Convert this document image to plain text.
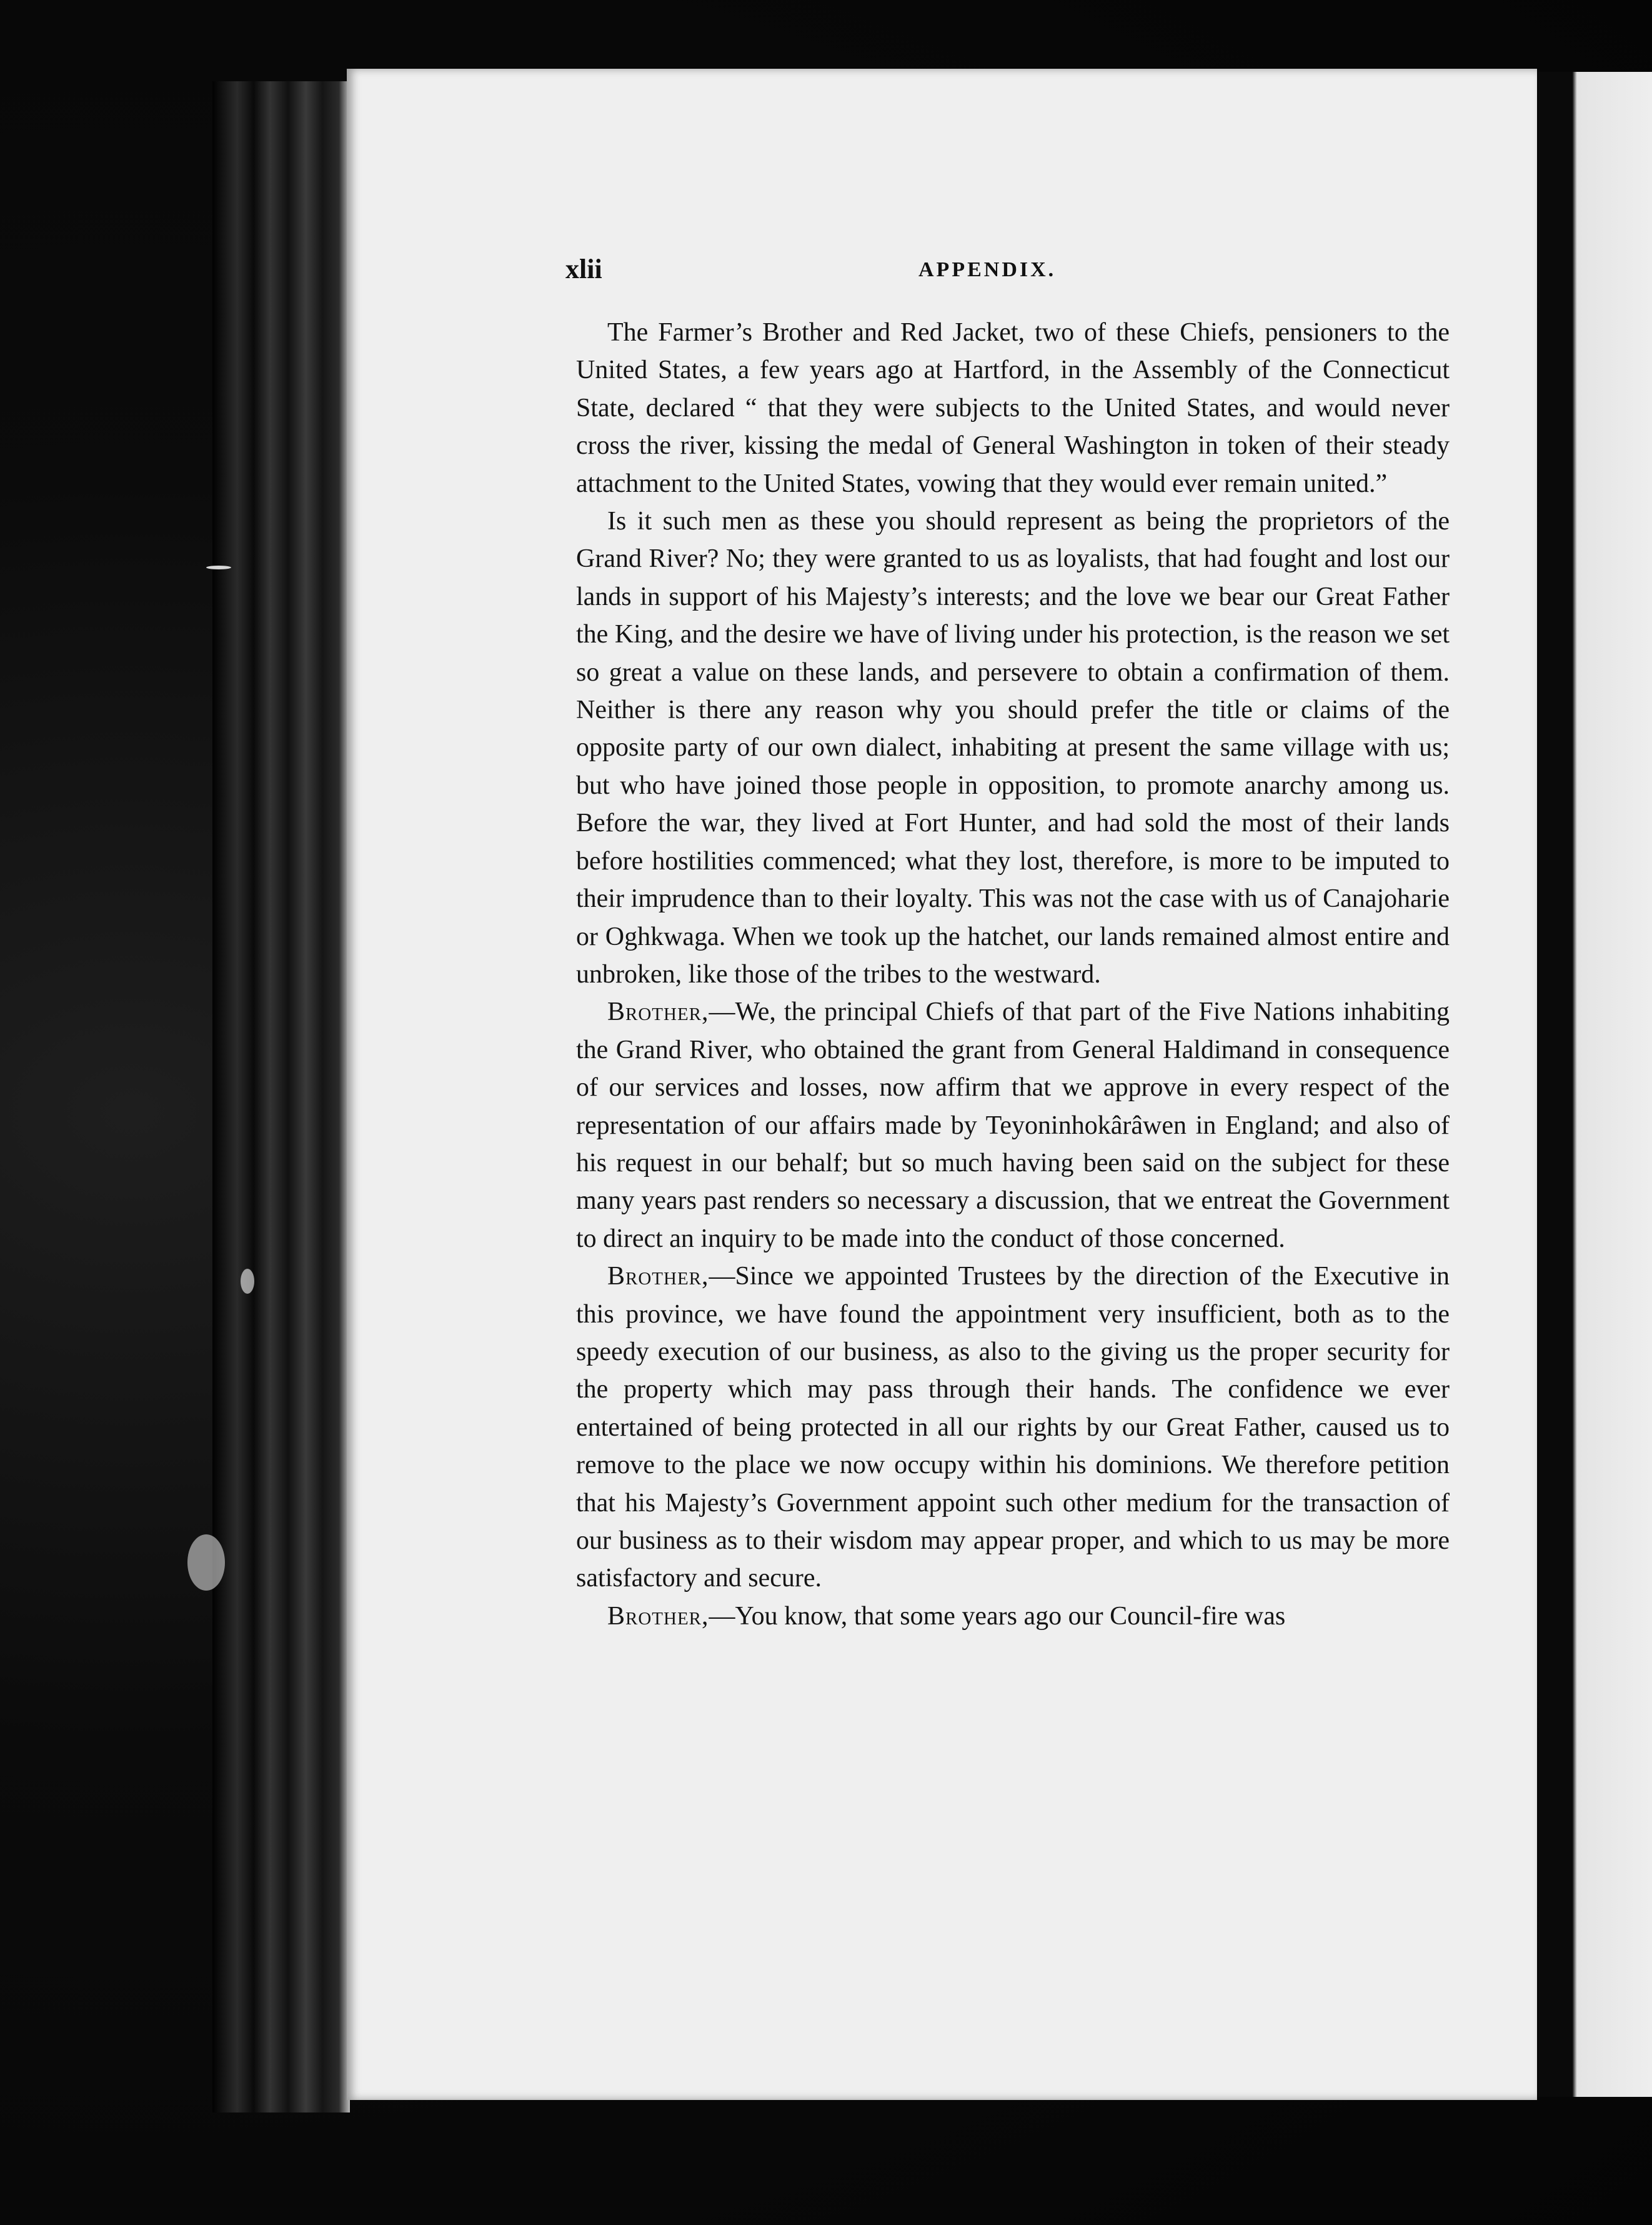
xlii	APPENDIX.

The Farmer’s Brother and Red Jacket, two of these Chiefs, pensioners to the United States, a few years ago at Hartford, in the Assembly of the Connecticut State, declared “ that they were subjects to the United States, and would never cross the river, kissing the medal of General Washington in token of their steady attachment to the United States, vowing that they would ever remain united.”

Is it such men as these you should represent as being the proprietors of the Grand River? No; they were granted to us as loyalists, that had fought and lost our lands in support of his Majesty’s interests; and the love we bear our Great Father the King, and the desire we have of living under his protection, is the reason we set so great a value on these lands, and persevere to obtain a confirmation of them. Neither is there any reason why you should prefer the title or claims of the opposite party of our own dialect, inhabiting at present the same village with us; but who have joined those people in opposition, to promote anarchy among us. Before the war, they lived at Fort Hunter, and had sold the most of their lands before hostilities commenced; what they lost, therefore, is more to be imputed to their imprudence than to their loyalty. This was not the case with us of Canajoharie or Oghkwaga. When we took up the hatchet, our lands remained almost entire and unbroken, like those of the tribes to the westward.

Brother,—We, the principal Chiefs of that part of the Five Nations inhabiting the Grand River, who obtained the grant from General Haldimand in consequence of our services and losses, now affirm that we approve in every respect of the representation of our affairs made by Teyoninhokârâwen in England; and also of his request in our behalf; but so much having been said on the subject for these many years past renders so necessary a discussion, that we entreat the Government to direct an inquiry to be made into the conduct of those concerned.

Brother,—Since we appointed Trustees by the direction of the Executive in this province, we have found the appointment very insufficient, both as to the speedy execution of our business, as also to the giving us the proper security for the property which may pass through their hands. The confidence we ever entertained of being protected in all our rights by our Great Father, caused us to remove to the place we now occupy within his dominions. We therefore petition that his Majesty’s Government appoint such other medium for the transaction of our business as to their wisdom may appear proper, and which to us may be more satisfactory and secure.

Brother,—You know, that some years ago our Council-fire was
